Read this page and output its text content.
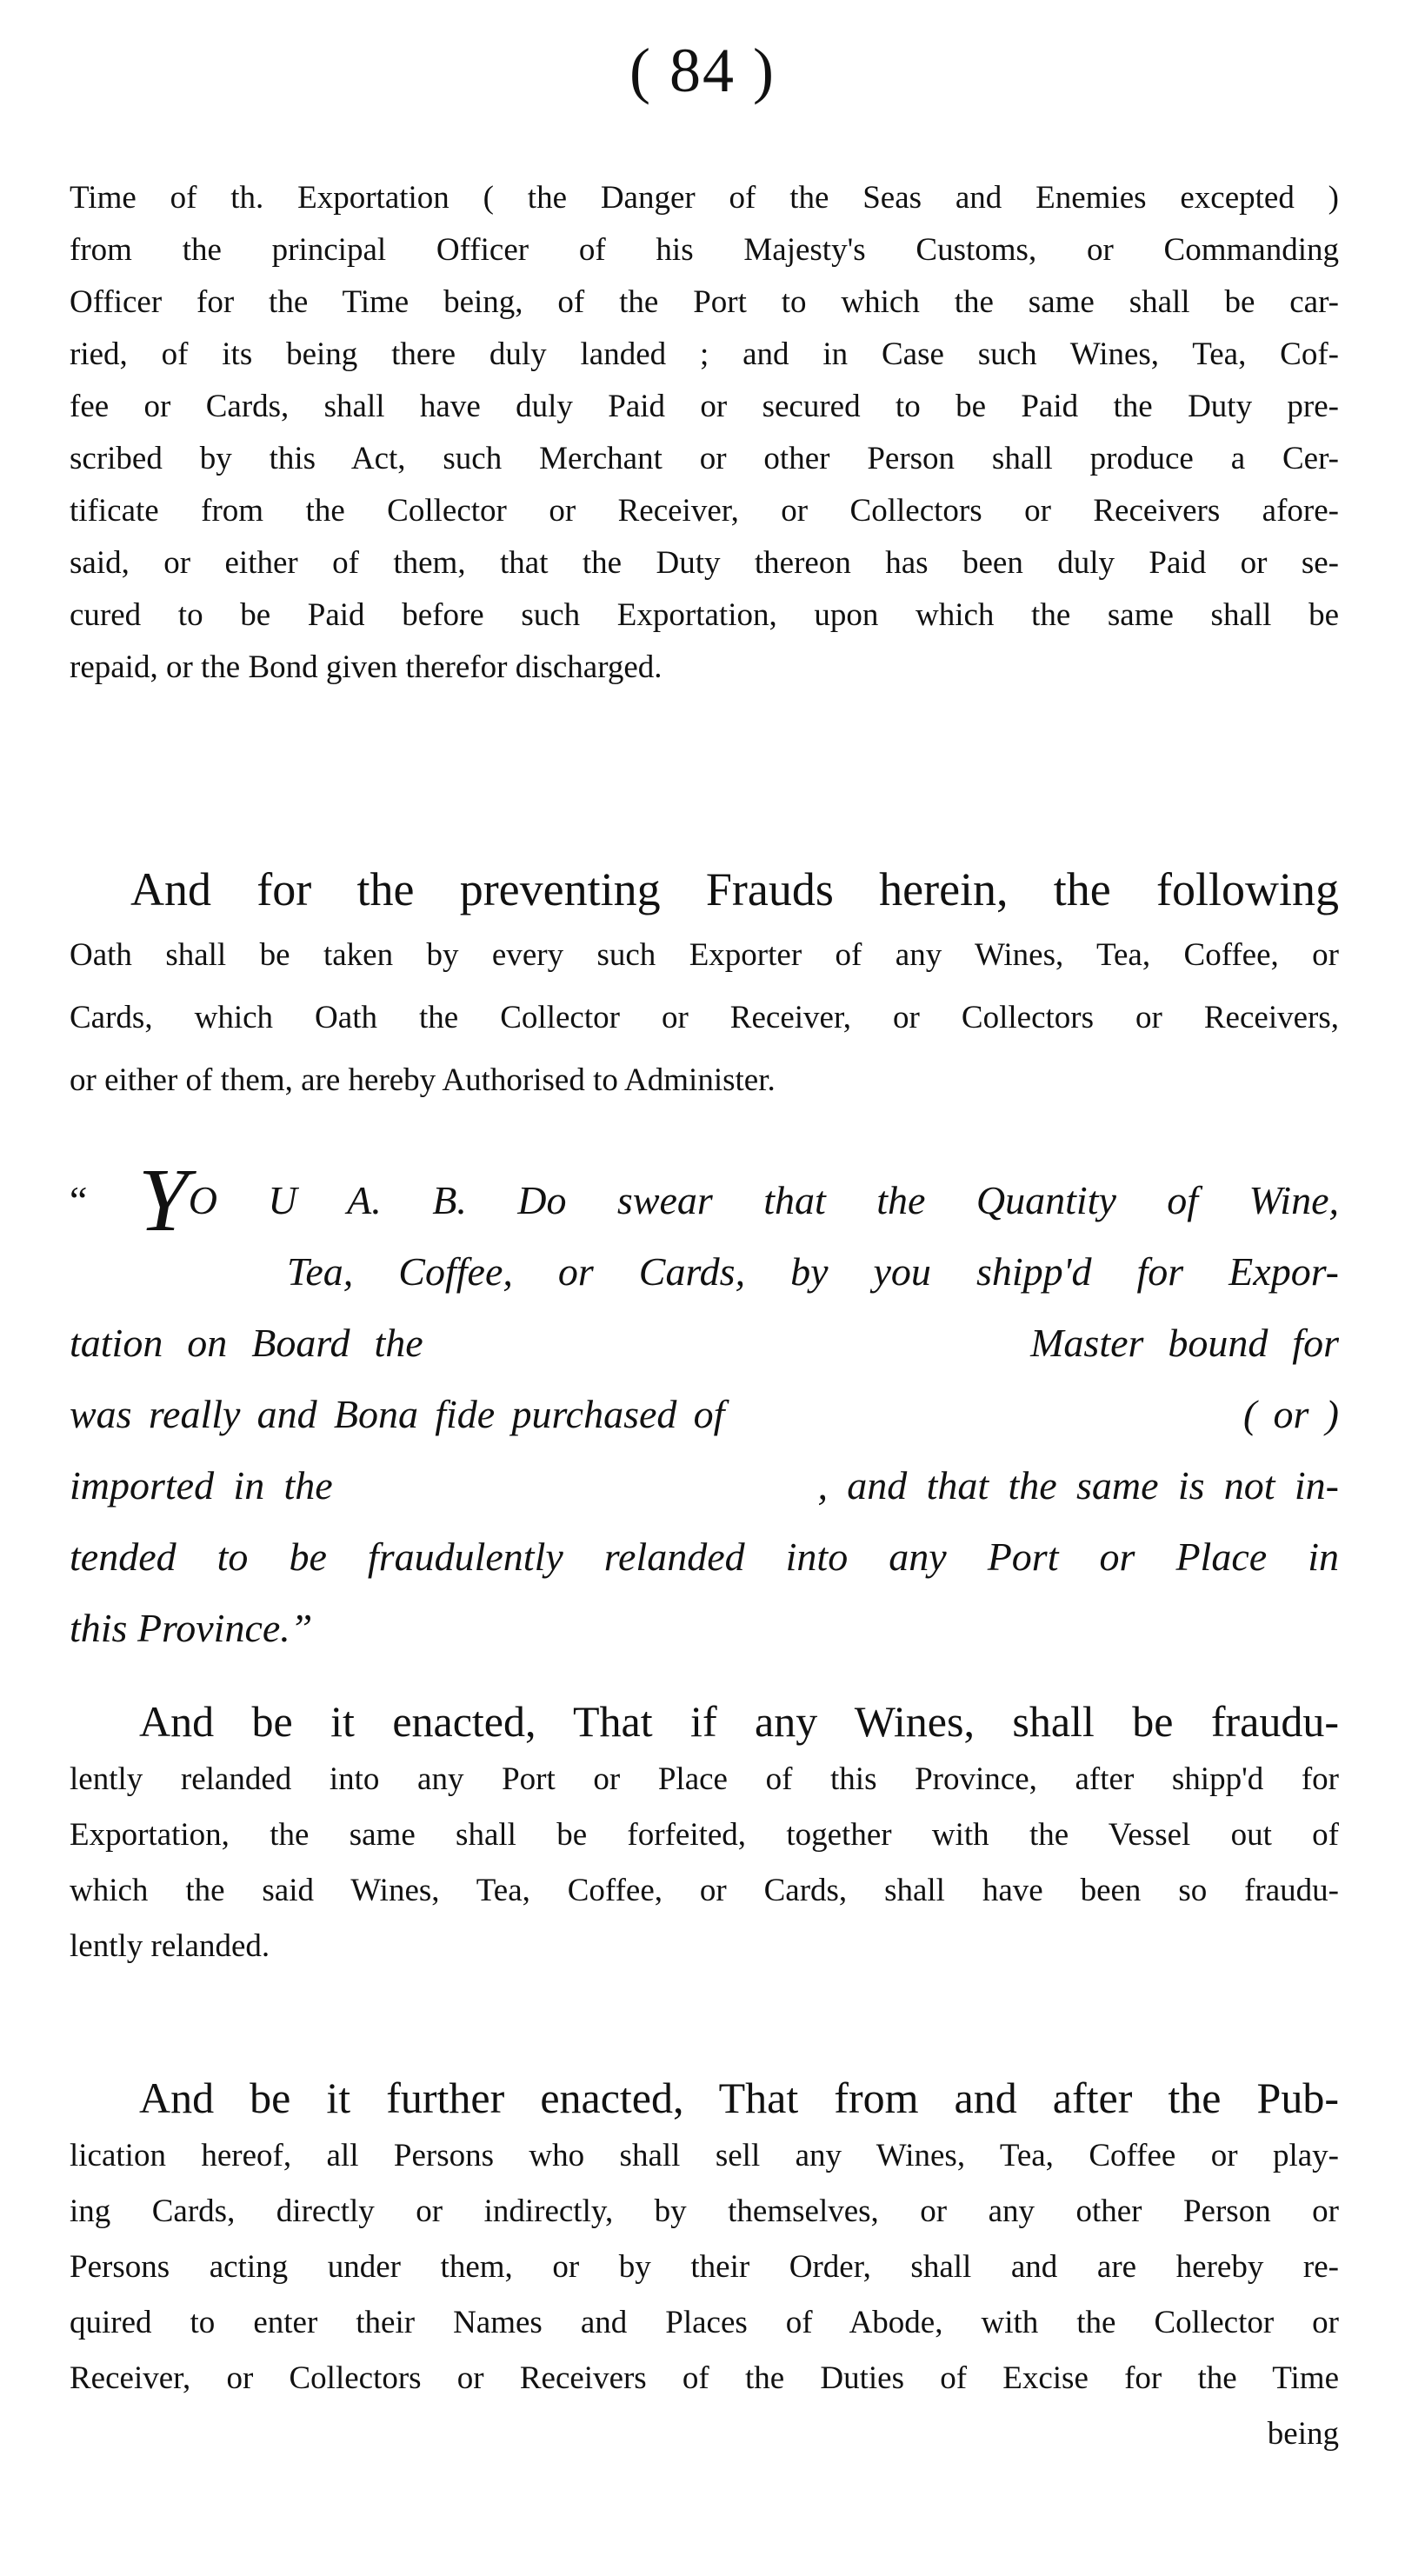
( 84 )
Time of th. Exportation ( the Danger of the Seas and Enemies excepted )
from the principal Officer of his Majesty's Customs, or Commanding
Officer for the Time being, of the Port to which the same shall be car-
ried, of its being there duly landed ; and in Case such Wines, Tea, Cof-
fee or Cards, shall have duly Paid or secured to be Paid the Duty pre-
scribed by this Act, such Merchant or other Person shall produce a Cer-
tificate from the Collector or Receiver, or Collectors or Receivers afore-
said, or either of them, that the Duty thereon has been duly Paid or se-
cured to be Paid before such Exportation, upon which the same shall be
repaid, or the Bond given therefor discharged.
And for the preventing Frauds herein, the following
Oath shall be taken by every such Exporter of any Wines, Tea, Coffee, or
Cards, which Oath the Collector or Receiver, or Collectors or Receivers,
or either of them, are hereby Authorised to Administer.
“ YO U A. B. Do swear that the Quantity of Wine,
Tea, Coffee, or Cards, by you shipp'd for Expor-
tation on Board the                         Master bound for
was really and Bona fide purchased of                               ( or )
imported in the                         , and that the same is not in-
tended to be fraudulently relanded into any Port or Place in
this Province.”
And be it enacted, That if any Wines, shall be fraudu-
lently relanded into any Port or Place of this Province, after shipp'd for
Exportation, the same shall be forfeited, together with the Vessel out of
which the said Wines, Tea, Coffee, or Cards, shall have been so fraudu-
lently relanded.
And be it further enacted, That from and after the Pub-
lication hereof, all Persons who shall sell any Wines, Tea, Coffee or play-
ing Cards, directly or indirectly, by themselves, or any other Person or
Persons acting under them, or by their Order, shall and are hereby re-
quired to enter their Names and Places of Abode, with the Collector or
Receiver, or Collectors or Receivers of the Duties of Excise for the Time
being
